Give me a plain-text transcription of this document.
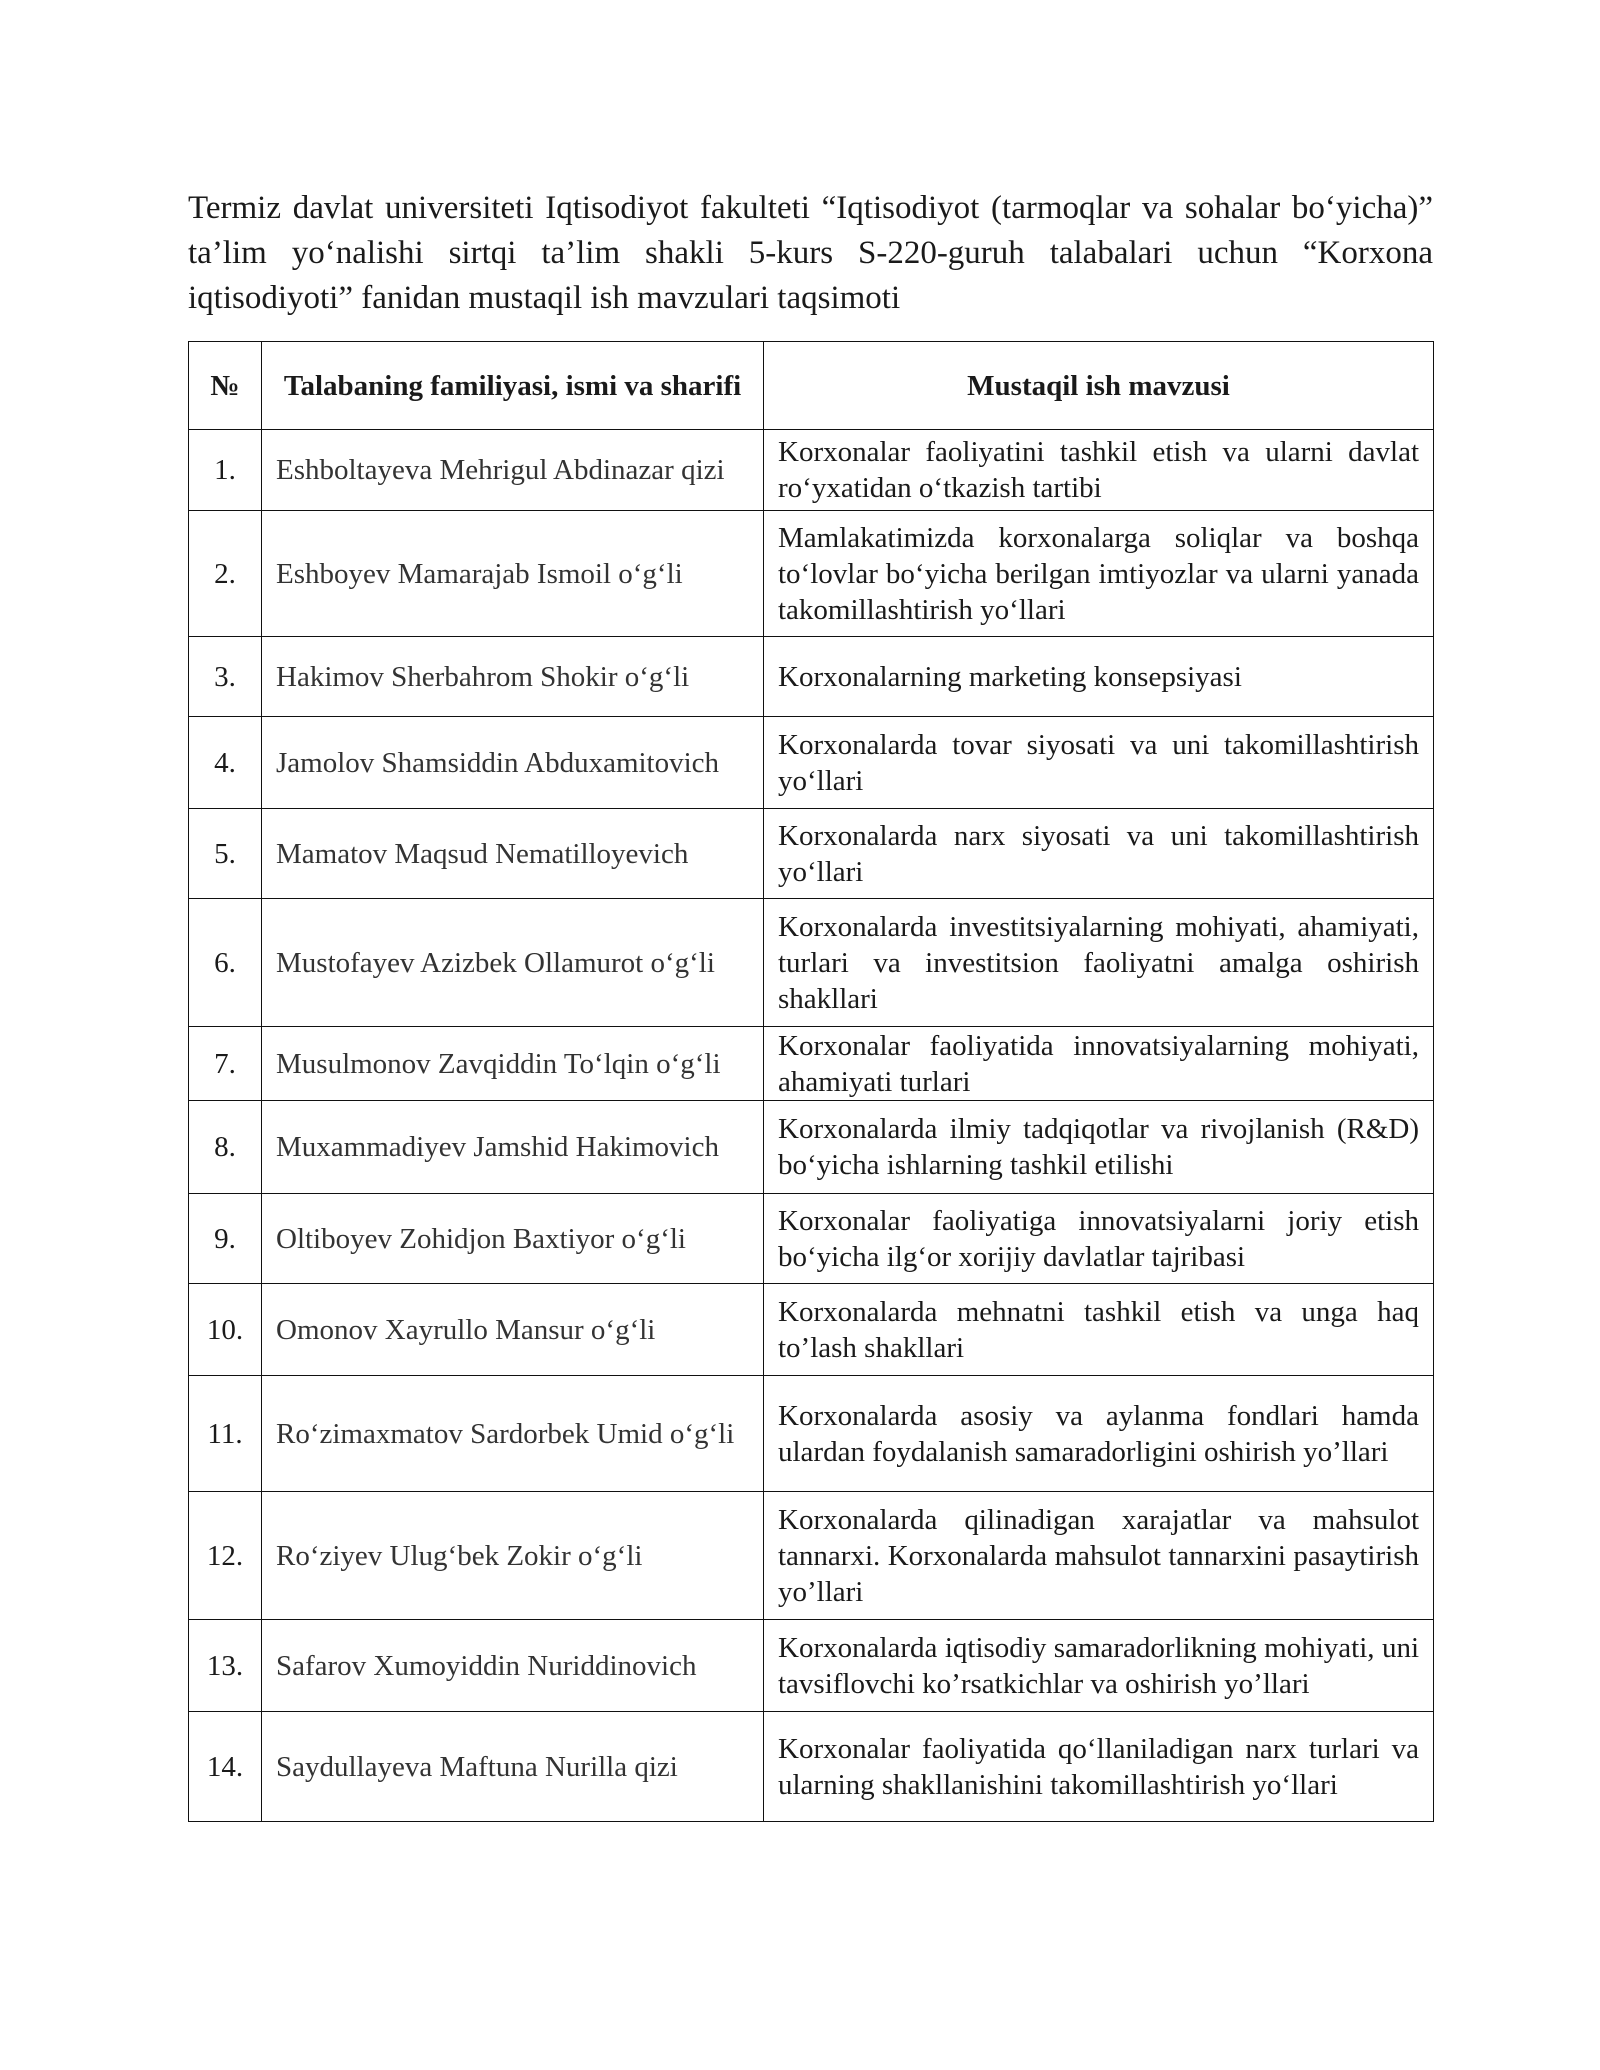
Termiz davlat universiteti Iqtisodiyot fakulteti “Iqtisodiyot (tarmoqlar va sohalar bo‘yicha)” ta’lim yo‘nalishi sirtqi ta’lim shakli 5-kurs S-220-guruh talabalari uchun “Korxona iqtisodiyoti” fanidan mustaqil ish mavzulari taqsimoti

№	Talabaning familiyasi, ismi va sharifi	Mustaqil ish mavzusi
1.	Eshboltayeva Mehrigul Abdinazar qizi	Korxonalar faoliyatini tashkil etish va ularni davlat ro‘yxatidan o‘tkazish tartibi
2.	Eshboyev Mamarajab Ismoil o‘g‘li	Mamlakatimizda korxonalarga soliqlar va boshqa to‘lovlar bo‘yicha berilgan imtiyozlar va ularni yanada takomillashtirish yo‘llari
3.	Hakimov Sherbahrom Shokir o‘g‘li	Korxonalarning marketing konsepsiyasi
4.	Jamolov Shamsiddin Abduxamitovich	Korxonalarda tovar siyosati va uni takomillashtirish yo‘llari
5.	Mamatov Maqsud Nematilloyevich	Korxonalarda narx siyosati va uni takomillashtirish yo‘llari
6.	Mustofayev Azizbek Ollamurot o‘g‘li	Korxonalarda investitsiyalarning mohiyati, ahamiyati, turlari va investitsion faoliyatni amalga oshirish shakllari
7.	Musulmonov Zavqiddin To‘lqin o‘g‘li	Korxonalar faoliyatida innovatsiyalarning mohiyati, ahamiyati turlari
8.	Muxammadiyev Jamshid Hakimovich	Korxonalarda ilmiy tadqiqotlar va rivojlanish (R&D) bo‘yicha ishlarning tashkil etilishi
9.	Oltiboyev Zohidjon Baxtiyor o‘g‘li	Korxonalar faoliyatiga innovatsiyalarni joriy etish bo‘yicha ilg‘or xorijiy davlatlar tajribasi
10.	Omonov Xayrullo Mansur o‘g‘li	Korxonalarda mehnatni tashkil etish va unga haq to’lash shakllari
11.	Ro‘zimaxmatov Sardorbek Umid o‘g‘li	Korxonalarda asosiy va aylanma fondlari hamda ulardan foydalanish samaradorligini oshirish yo’llari
12.	Ro‘ziyev Ulug‘bek Zokir o‘g‘li	Korxonalarda qilinadigan xarajatlar va mahsulot tannarxi. Korxonalarda mahsulot tannarxini pasaytirish yo’llari
13.	Safarov Xumoyiddin Nuriddinovich	Korxonalarda iqtisodiy samaradorlikning mohiyati, uni tavsiflovchi ko’rsatkichlar va oshirish yo’llari
14.	Saydullayeva Maftuna Nurilla qizi	Korxonalar faoliyatida qo‘llaniladigan narx turlari va ularning shakllanishini takomillashtirish yo‘llari
